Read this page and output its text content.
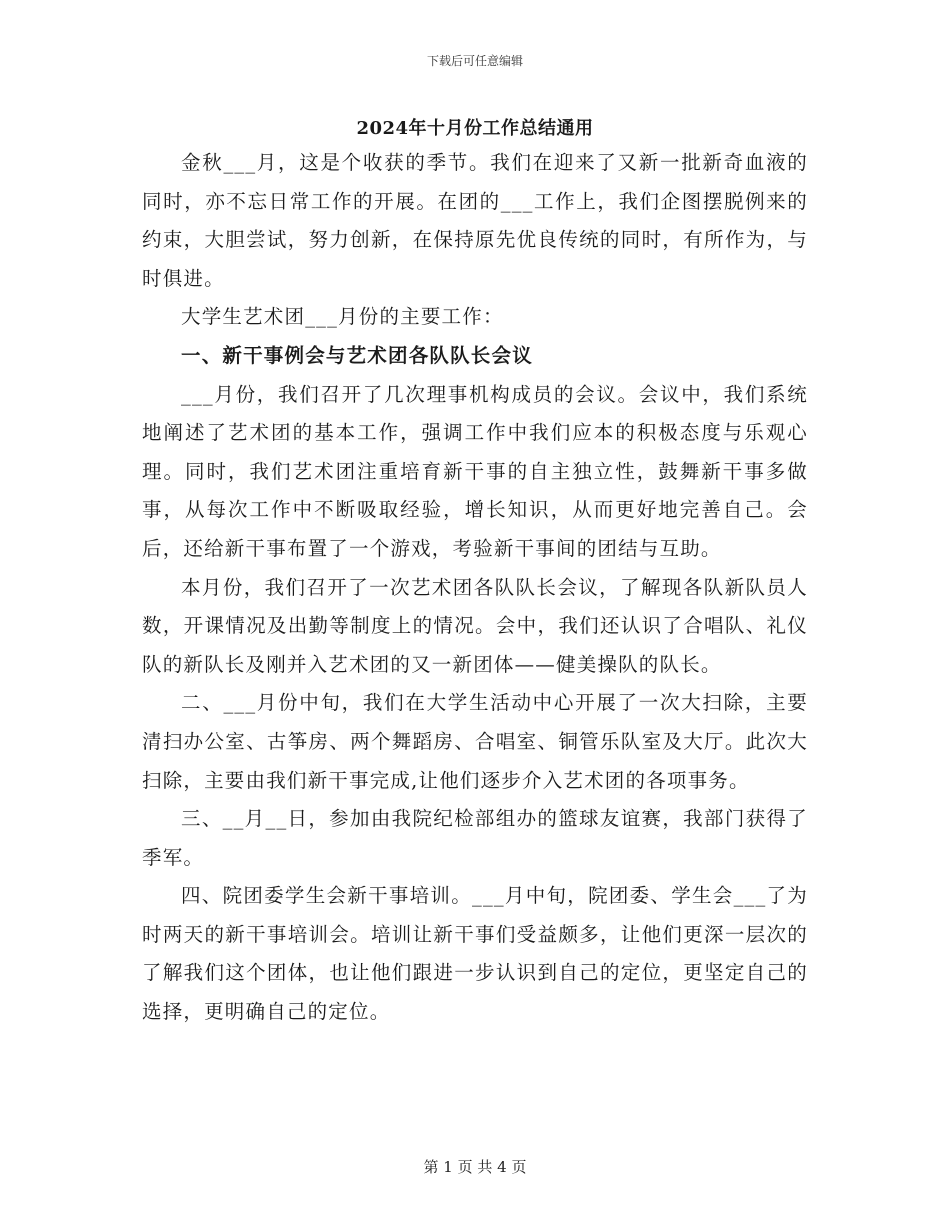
下载后可任意编辑
2024年十月份工作总结通用

金秋___月，这是个收获的季节。我们在迎来了又新一批新奇血液的同时，亦不忘日常工作的开展。在团的___工作上，我们企图摆脱例来的约束，大胆尝试，努力创新，在保持原先优良传统的同时，有所作为，与时俱进。

大学生艺术团___月份的主要工作：

一、新干事例会与艺术团各队队长会议

___月份，我们召开了几次理事机构成员的会议。会议中，我们系统地阐述了艺术团的基本工作，强调工作中我们应本的积极态度与乐观心理。同时，我们艺术团注重培育新干事的自主独立性，鼓舞新干事多做事，从每次工作中不断吸取经验，增长知识，从而更好地完善自己。会后，还给新干事布置了一个游戏，考验新干事间的团结与互助。

本月份，我们召开了一次艺术团各队队长会议，了解现各队新队员人数，开课情况及出勤等制度上的情况。会中，我们还认识了合唱队、礼仪队的新队长及刚并入艺术团的又一新团体——健美操队的队长。

二、___月份中旬，我们在大学生活动中心开展了一次大扫除，主要清扫办公室、古筝房、两个舞蹈房、合唱室、铜管乐队室及大厅。此次大扫除，主要由我们新干事完成,让他们逐步介入艺术团的各项事务。

三、__月__日，参加由我院纪检部组办的篮球友谊赛，我部门获得了季军。

四、院团委学生会新干事培训。___月中旬，院团委、学生会___了为时两天的新干事培训会。培训让新干事们受益颇多，让他们更深一层次的了解我们这个团体，也让他们跟进一步认识到自己的定位，更坚定自己的选择，更明确自己的定位。

第 1 页 共 4 页
